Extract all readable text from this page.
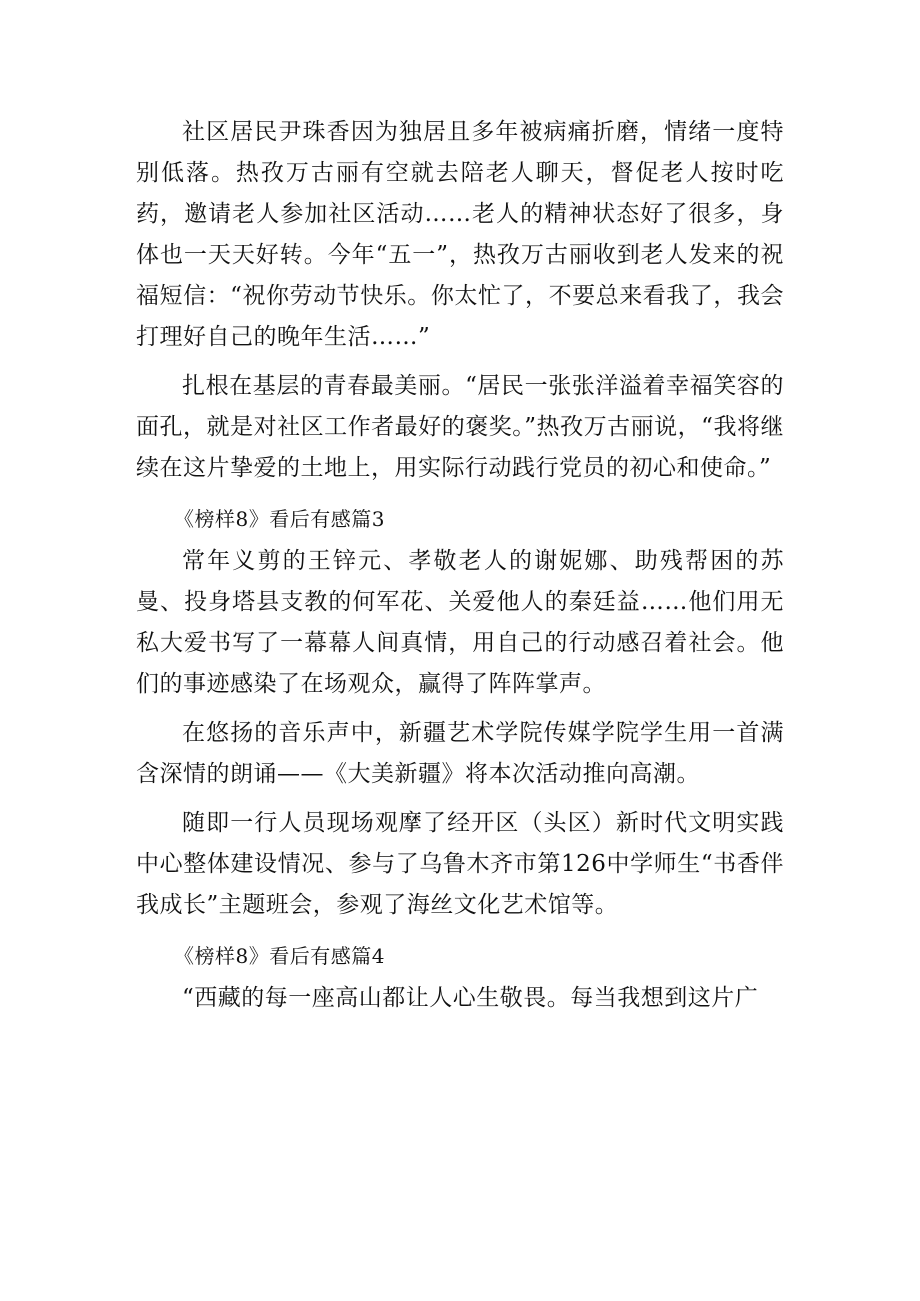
社区居民尹珠香因为独居且多年被病痛折磨，情绪一度特别低落。热孜万古丽有空就去陪老人聊天，督促老人按时吃药，邀请老人参加社区活动……老人的精神状态好了很多，身体也一天天好转。今年“五一”，热孜万古丽收到老人发来的祝福短信：“祝你劳动节快乐。你太忙了，不要总来看我了，我会打理好自己的晚年生活……”

扎根在基层的青春最美丽。“居民一张张洋溢着幸福笑容的面孔，就是对社区工作者最好的褒奖。”热孜万古丽说，“我将继续在这片挚爱的土地上，用实际行动践行党员的初心和使命。”

《榜样8》看后有感篇3

常年义剪的王锌元、孝敬老人的谢妮娜、助残帮困的苏曼、投身塔县支教的何军花、关爱他人的秦廷益……他们用无私大爱书写了一幕幕人间真情，用自己的行动感召着社会。他们的事迹感染了在场观众，赢得了阵阵掌声。

在悠扬的音乐声中，新疆艺术学院传媒学院学生用一首满含深情的朗诵——《大美新疆》将本次活动推向高潮。

随即一行人员现场观摩了经开区（头区）新时代文明实践中心整体建设情况、参与了乌鲁木齐市第126中学师生“书香伴我成长”主题班会，参观了海丝文化艺术馆等。

《榜样8》看后有感篇4

“西藏的每一座高山都让人心生敬畏。每当我想到这片广
